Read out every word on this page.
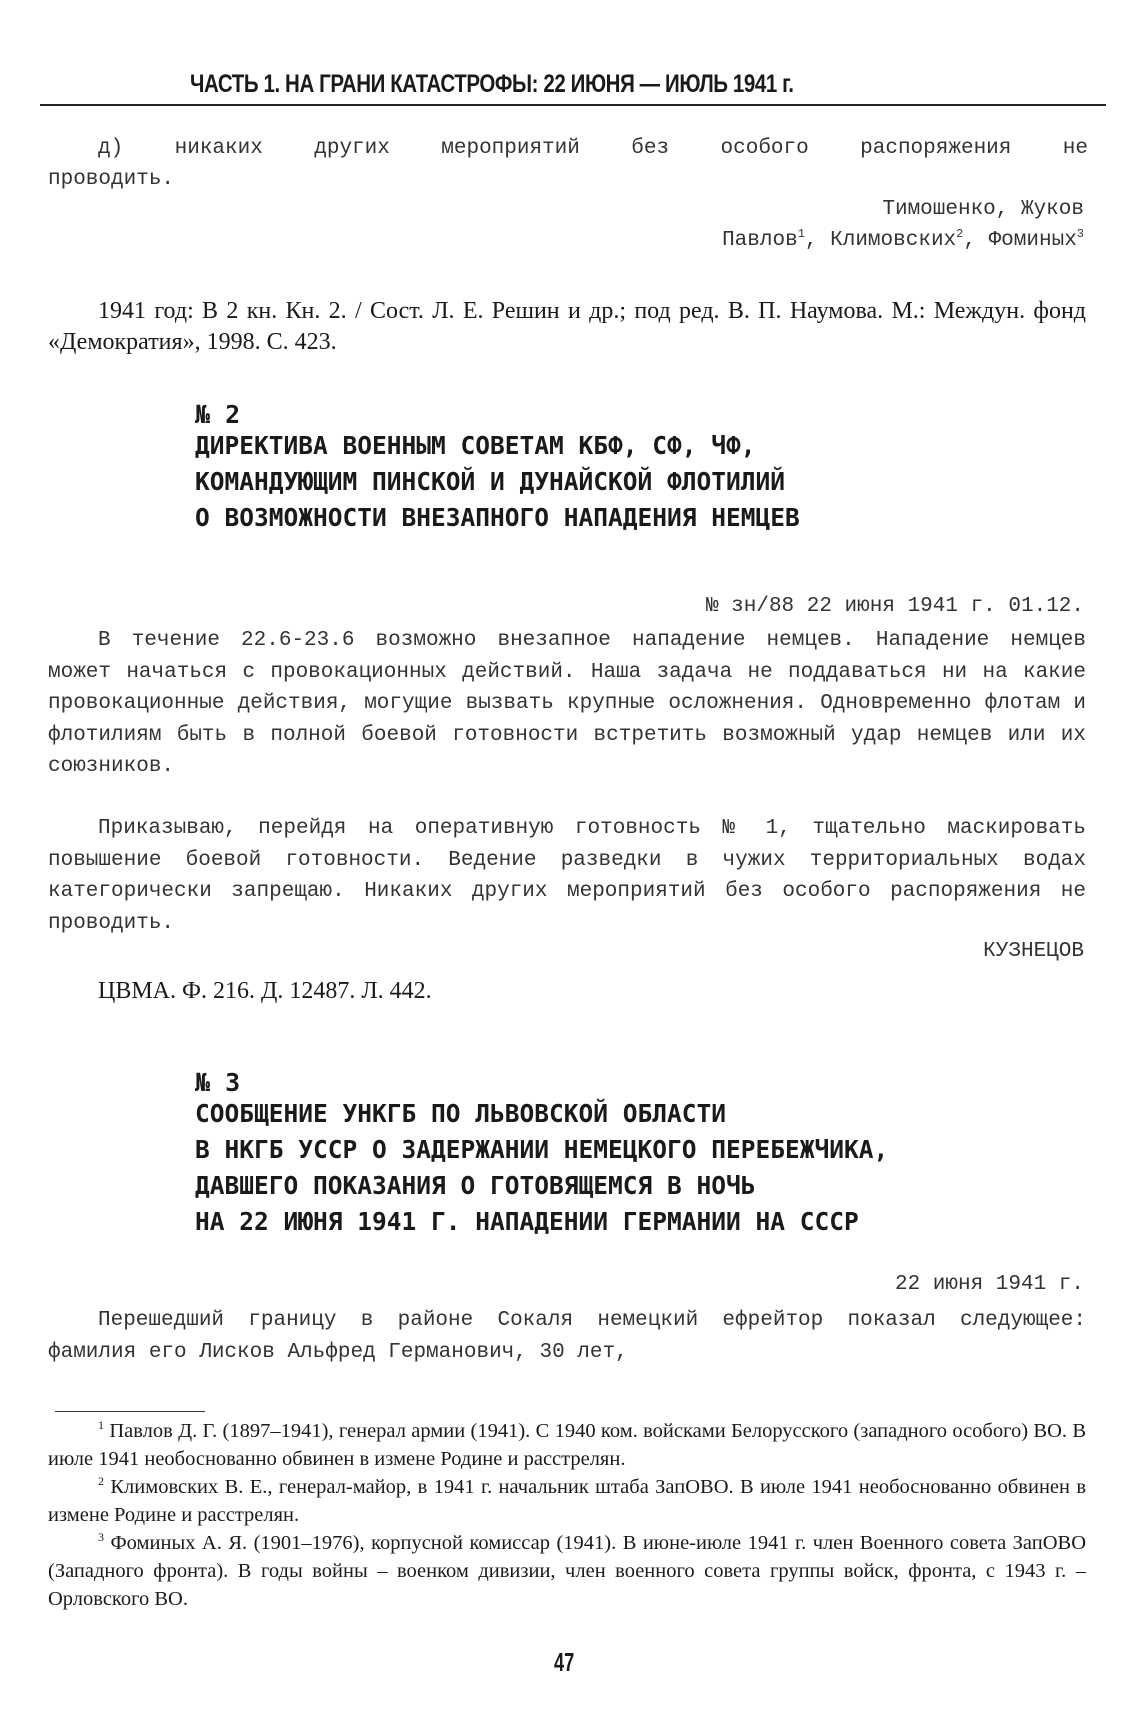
ЧАСТЬ 1. НА ГРАНИ КАТАСТРОФЫ: 22 ИЮНЯ — ИЮЛЬ 1941 г.
д) никаких других мероприятий без особого распоряжения не
проводить.
Тимошенко, Жуков
Павлов$^1$, Климовских$^2$, Фоминых$^3$
1941 год: В 2 кн. Кн. 2. / Сост. Л. Е. Решин и др.; под ред. В. П. Наумова. М.: Междун. фонд «Демократия», 1998. С. 423.
№ 2
ДИРЕКТИВА ВОЕННЫМ СОВЕТАМ КБФ, СФ, ЧФ,
КОМАНДУЮЩИМ ПИНСКОЙ И ДУНАЙСКОЙ ФЛОТИЛИЙ
О ВОЗМОЖНОСТИ ВНЕЗАПНОГО НАПАДЕНИЯ НЕМЦЕВ
№ зн/88 22 июня 1941 г. 01.12.
В течение 22.6-23.6 возможно внезапное нападение немцев. Нападение немцев может начаться с провокационных действий. Наша задача не поддаваться ни на какие провокационные действия, могущие вызвать крупные осложнения. Одновременно флотам и флотилиям быть в полной боевой готовности встретить возможный удар немцев или их союзников.
Приказываю, перейдя на оперативную готовность № 1, тщательно маскировать повышение боевой готовности. Ведение разведки в чужих территориальных водах категорически запрещаю. Никаких других мероприятий без особого распоряжения не проводить.
КУЗНЕЦОВ
ЦВМА. Ф. 216. Д. 12487. Л. 442.
№ 3
СООБЩЕНИЕ УНКГБ ПО ЛЬВОВСКОЙ ОБЛАСТИ
В НКГБ УССР О ЗАДЕРЖАНИИ НЕМЕЦКОГО ПЕРЕБЕЖЧИКА,
ДАВШЕГО ПОКАЗАНИЯ О ГОТОВЯЩЕМСЯ В НОЧЬ
НА 22 ИЮНЯ 1941 Г. НАПАДЕНИИ ГЕРМАНИИ НА СССР
22 июня 1941 г.
Перешедший границу в районе Сокаля немецкий ефрейтор показал следующее: фамилия его Лисков Альфред Германович, 30 лет,
$^1$ Павлов Д. Г. (1897–1941), генерал армии (1941). С 1940 ком. войсками Белорусского (западного особого) ВО. В июле 1941 необоснованно обвинен в измене Родине и расстрелян.
$^2$ Климовских В. Е., генерал-майор, в 1941 г. начальник штаба ЗапОВО. В июле 1941 необоснованно обвинен в измене Родине и расстрелян.
$^3$ Фоминых А. Я. (1901–1976), корпусной комиссар (1941). В июне-июле 1941 г. член Военного совета ЗапОВО (Западного фронта). В годы войны – военком дивизии, член военного совета группы войск, фронта, с 1943 г. – Орловского ВО.
47
